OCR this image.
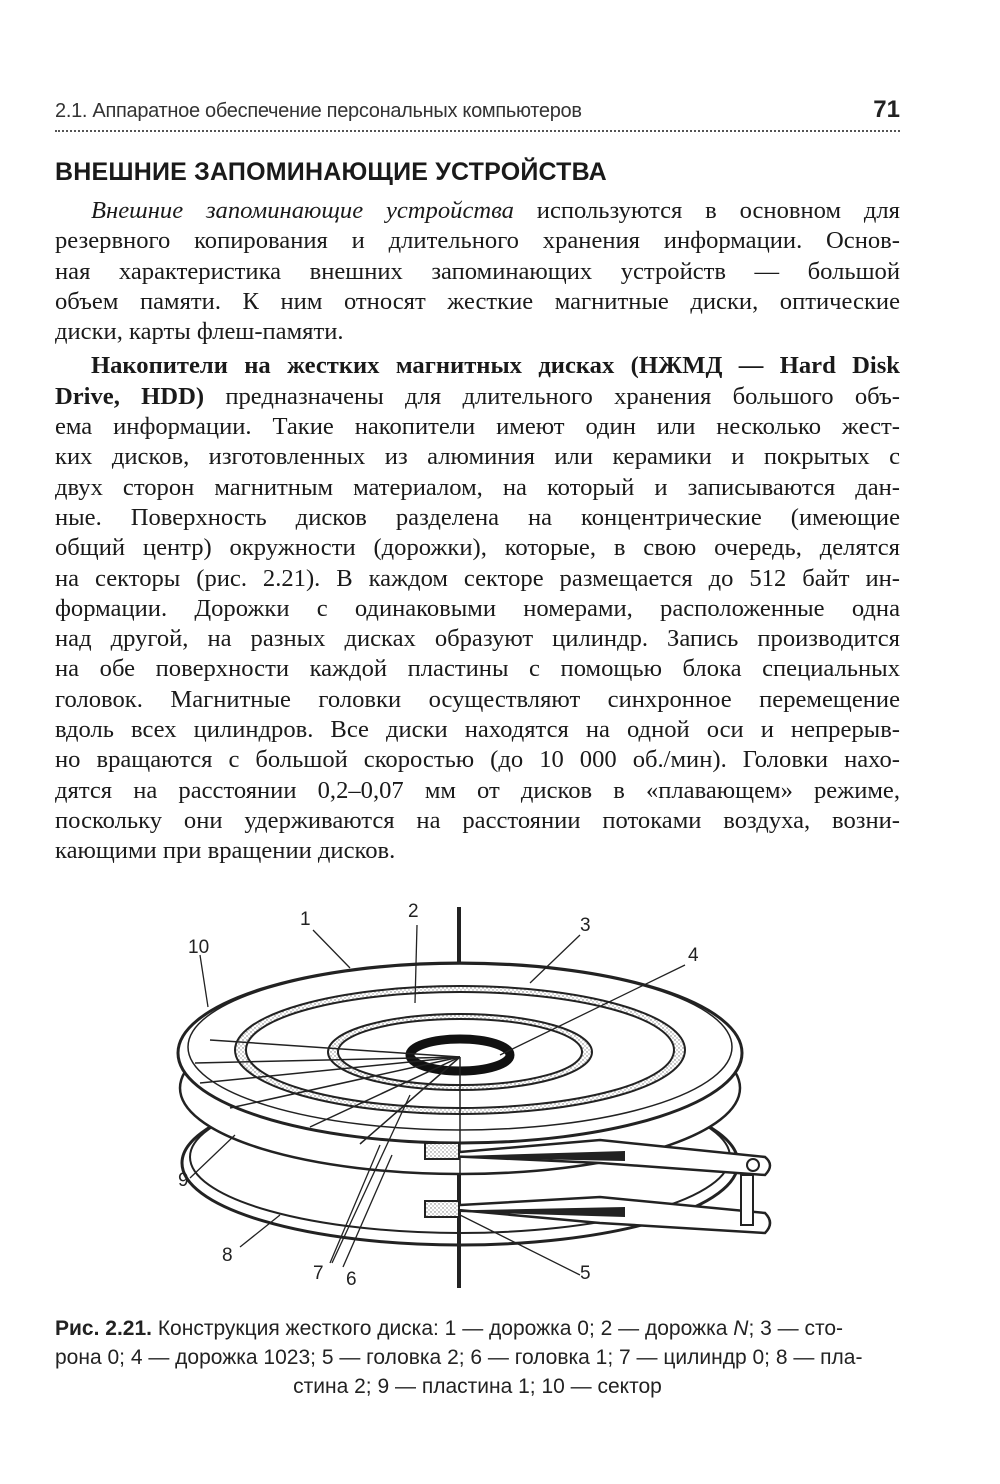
2.1. Аппаратное обеспечение персональных компьютеров	71
ВНЕШНИЕ ЗАПОМИНАЮЩИЕ УСТРОЙСТВА
Внешние запоминающие устройства используются в основном для
резервного копирования и длительного хранения информации. Основ-
ная характеристика внешних запоминающих устройств — большой
объем памяти. К ним относят жесткие магнитные диски, оптические
диски, карты флеш-памяти.
Накопители на жестких магнитных дисках (НЖМД — Hard Disk
Drive, HDD) предназначены для длительного хранения большого объ-
ема информации. Такие накопители имеют один или несколько жест-
ких дисков, изготовленных из алюминия или керамики и покрытых с
двух сторон магнитным материалом, на который и записываются дан-
ные. Поверхность дисков разделена на концентрические (имеющие
общий центр) окружности (дорожки), которые, в свою очередь, делятся
на секторы (рис. 2.21). В каждом секторе размещается до 512 байт ин-
формации. Дорожки с одинаковыми номерами, расположенные одна
над другой, на разных дисках образуют цилиндр. Запись производится
на обе поверхности каждой пластины с помощью блока специальных
головок. Магнитные головки осуществляют синхронное перемещение
вдоль всех цилиндров. Все диски находятся на одной оси и непрерыв-
но вращаются с большой скоростью (до 10 000 об./мин). Головки нахо-
дятся на расстоянии 0,2–0,07 мм от дисков в «плавающем» режиме,
поскольку они удерживаются на расстоянии потоками воздуха, возни-
кающими при вращении дисков.
1	2
3
4
5
6
7
8
9
10
Рис. 2.21. Конструкция жесткого диска: 1 — дорожка 0; 2 — дорожка N; 3 — сто-
рона 0; 4 — дорожка 1023; 5 — головка 2; 6 — головка 1; 7 — цилиндр 0; 8 — пла-
стина 2; 9 — пластина 1; 10 — сектор
